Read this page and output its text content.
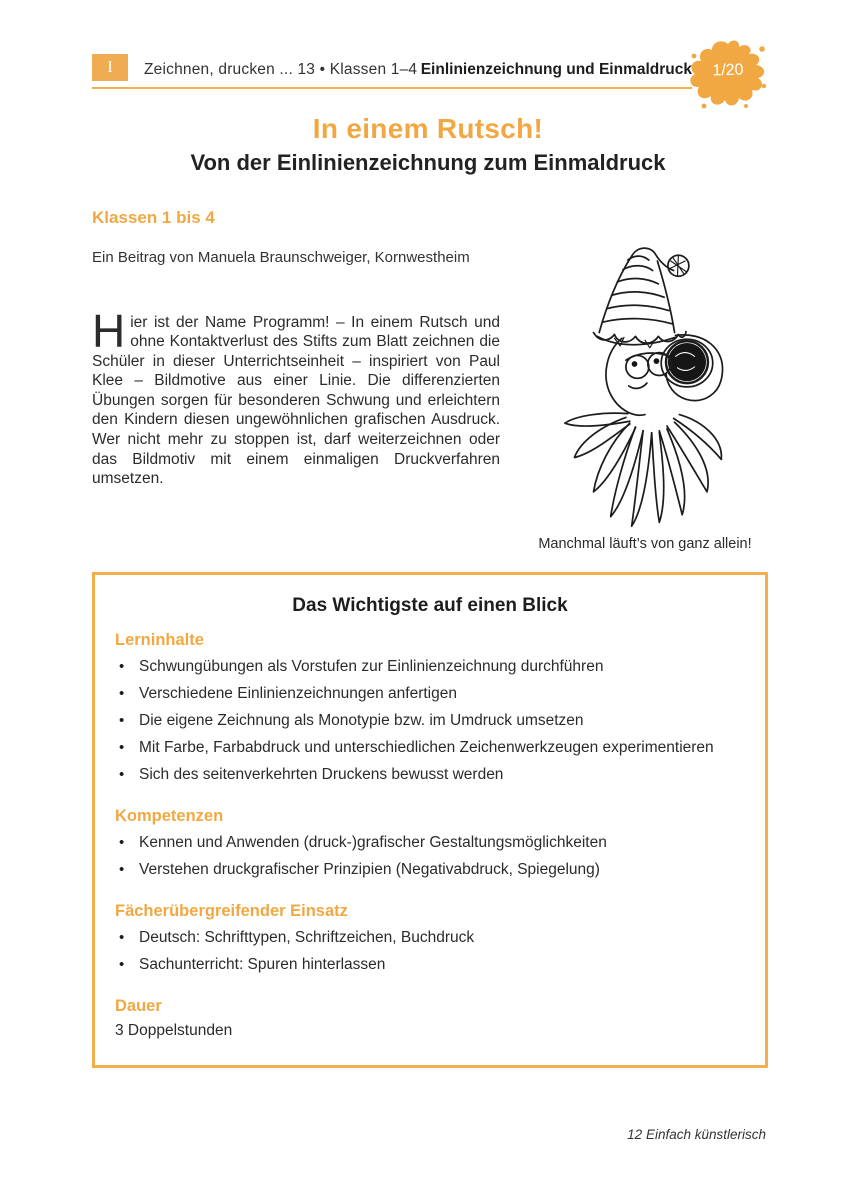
I	Zeichnen, drucken ... 13 • Klassen 1–4 Einlinienzeichnung und Einmaldruck	1/20
In einem Rutsch!
Von der Einlinienzeichnung zum Einmaldruck
Klassen 1 bis 4
Ein Beitrag von Manuela Braunschweiger, Kornwestheim

Hier ist der Name Programm! – In einem Rutsch und ohne Kontaktverlust des Stifts zum Blatt zeichnen die Schüler in dieser Unterrichtseinheit – inspiriert von Paul Klee – Bildmotive aus einer Linie. Die differenzierten Übungen sorgen für besonderen Schwung und erleichtern den Kindern diesen ungewöhnlichen grafischen Ausdruck. Wer nicht mehr zu stoppen ist, darf weiterzeichnen oder das Bildmotiv mit einem einmaligen Druckverfahren umsetzen.

Manchmal läuft’s von ganz allein!
Das Wichtigste auf einen Blick
Lerninhalte
• Schwungübungen als Vorstufen zur Einlinienzeichnung durchführen
• Verschiedene Einlinienzeichnungen anfertigen
• Die eigene Zeichnung als Monotypie bzw. im Umdruck umsetzen
• Mit Farbe, Farbabdruck und unterschiedlichen Zeichenwerkzeugen experimentieren
• Sich des seitenverkehrten Druckens bewusst werden
Kompetenzen
• Kennen und Anwenden (druck-)grafischer Gestaltungsmöglichkeiten
• Verstehen druckgrafischer Prinzipien (Negativabdruck, Spiegelung)
Fächerübergreifender Einsatz
• Deutsch: Schrifttypen, Schriftzeichen, Buchdruck
• Sachunterricht: Spuren hinterlassen
Dauer
3 Doppelstunden
12 Einfach künstlerisch
